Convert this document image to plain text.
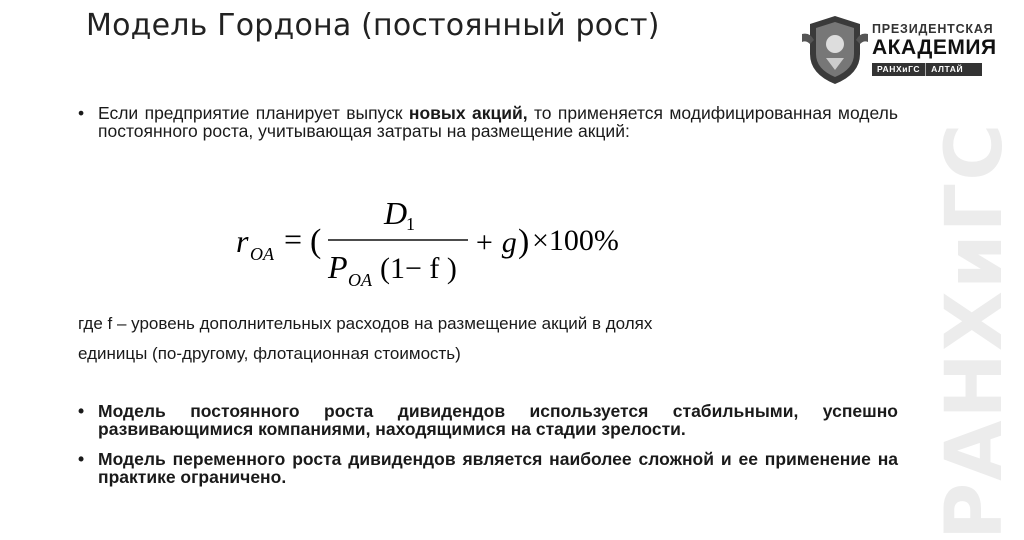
РАНХиГС
Модель Гордона (постоянный рост)	ПРЕЗИДЕНТСКАЯ
АКАДЕМИЯ
РАНХиГС	АЛТАЙ
• Если предприятие планирует выпуск новых акций, то применяется модифицированная модель постоянного роста, учитывающая затраты на размещение акций:
r OA = (
D
1
P OA (1− f )
+ g ) ×100%
где f – уровень дополнительных расходов на размещение акций в долях
единицы (по-другому, флотационная стоимость)
• Модель постоянного роста дивидендов используется стабильными, успешно развивающимися компаниями, находящимися на стадии зрелости.
• Модель переменного роста дивидендов является наиболее сложной и ее применение на практике ограничено.
